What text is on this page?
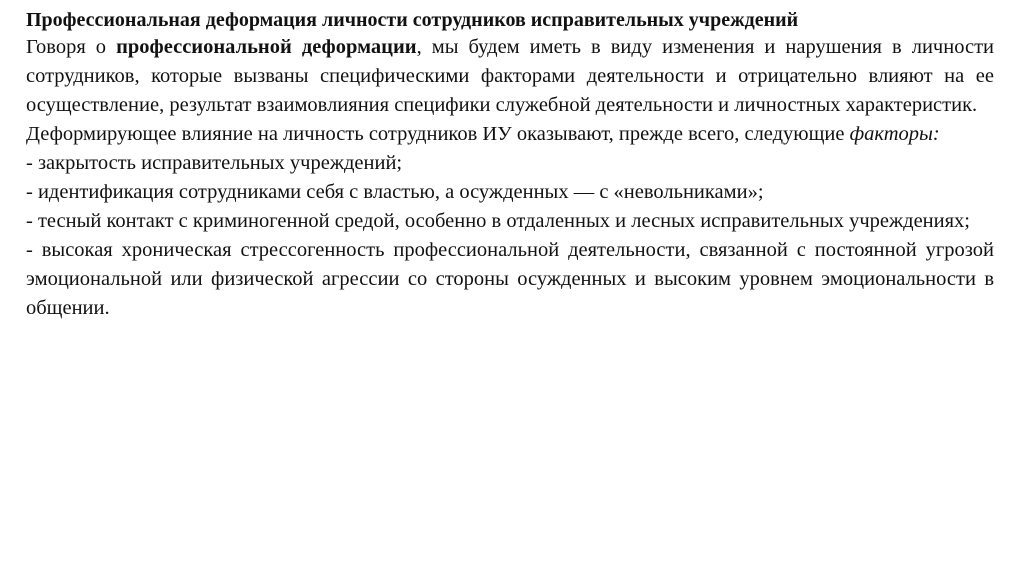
Профессиональная деформация личности сотрудников исправительных учреждений

Говоря о профессиональной деформации, мы будем иметь в виду изменения и нарушения в личности сотрудников, которые вызваны специфическими факторами деятельности и отрицательно влияют на ее осуществление, результат взаимовлияния специфики служебной деятельности и личностных характеристик.

Деформирующее влияние на личность сотрудников ИУ оказывают, прежде всего, следующие факторы:

- закрытость исправительных учреждений;

- идентификация сотрудниками себя с властью, а осужденных — с «невольниками»;

- тесный контакт с криминогенной средой, особенно в отдаленных и лесных исправительных учреждениях;

- высокая хроническая стрессогенность профессиональной деятельности, связанной с постоянной угрозой эмоциональной или физической агрессии со стороны осужденных и высоким уровнем эмоциональности в общении.
